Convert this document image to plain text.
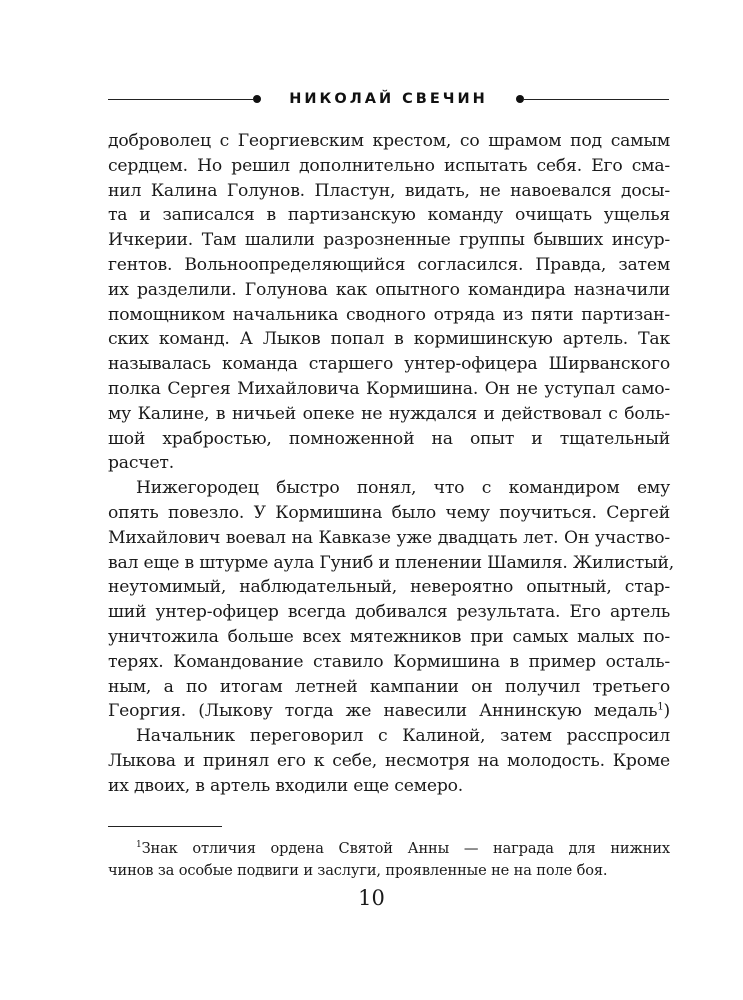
НИКОЛАЙ СВЕЧИН
доброволец с Георгиевским крестом, со шрамом под самым
сердцем. Но решил дополнительно испытать себя. Его сма-
нил Калина Голунов. Пластун, видать, не навоевался досы-
та и записался в партизанскую команду очищать ущелья
Ичкерии. Там шалили разрозненные группы бывших инсур-
гентов. Вольноопределяющийся согласился. Правда, затем
их разделили. Голунова как опытного командира назначили
помощником начальника сводного отряда из пяти партизан-
ских команд. А Лыков попал в кормишинскую артель. Так
называлась команда старшего унтер-офицера Ширванского
полка Сергея Михайловича Кормишина. Он не уступал само-
му Калине, в ничьей опеке не нуждался и действовал с боль-
шой храбростью, помноженной на опыт и тщательный
расчет.
Нижегородец быстро понял, что с командиром ему
опять повезло. У Кормишина было чему поучиться. Сергей
Михайлович воевал на Кавказе уже двадцать лет. Он участво-
вал еще в штурме аула Гуниб и пленении Шамиля. Жилистый,
неутомимый, наблюдательный, невероятно опытный, стар-
ший унтер-офицер всегда добивался результата. Его артель
уничтожила больше всех мятежников при самых малых по-
терях. Командование ставило Кормишина в пример осталь-
ным, а по итогам летней кампании он получил третьего
Георгия. (Лыкову тогда же навесили Аннинскую медаль$^1$)
Начальник переговорил с Калиной, затем расспросил
Лыкова и принял его к себе, несмотря на молодость. Кроме
их двоих, в артель входили еще семеро.
$^1$Знак отличия ордена Святой Анны — награда для нижних
чинов за особые подвиги и заслуги, проявленные не на поле боя.
10
